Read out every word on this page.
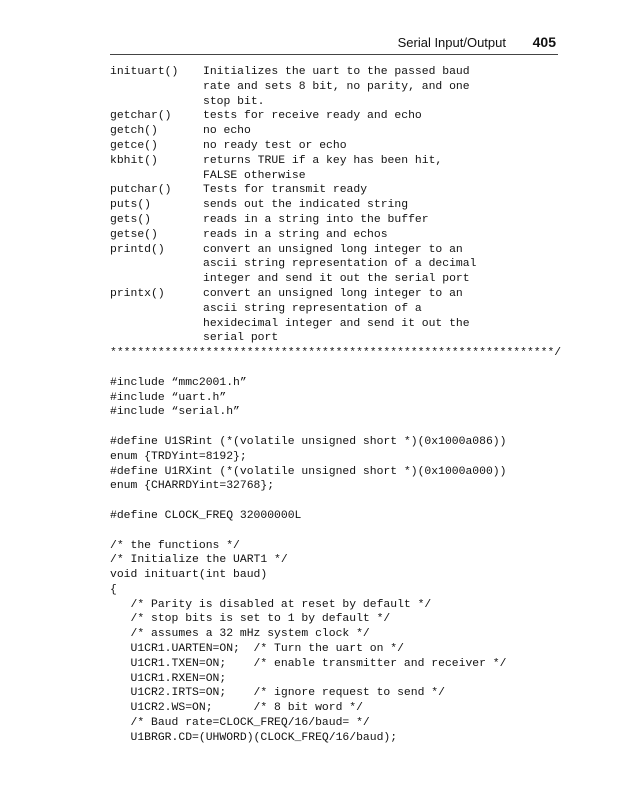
Serial Input/Output 405
inituart()	Initializes the uart to the passed baud
rate and sets 8 bit, no parity, and one
stop bit.
getchar()	tests for receive ready and echo
getch()	no echo
getce()	no ready test or echo
kbhit()	returns TRUE if a key has been hit,
FALSE otherwise
putchar()	Tests for transmit ready
puts()	sends out the indicated string
gets()	reads in a string into the buffer
getse()	reads in a string and echos
printd()	convert an unsigned long integer to an
ascii string representation of a decimal
integer and send it out the serial port
printx()	convert an unsigned long integer to an
ascii string representation of a
hexidecimal integer and send it out the
serial port
*****************************************************************/
#include “mmc2001.h”
#include “uart.h”
#include “serial.h”
#define U1SRint (*(volatile unsigned short *)(0x1000a086))
enum {TRDYint=8192};
#define U1RXint (*(volatile unsigned short *)(0x1000a000))
enum {CHARRDYint=32768};
#define CLOCK_FREQ 32000000L
/* the functions */
/* Initialize the UART1 */
void inituart(int baud)
{
/* Parity is disabled at reset by default */
/* stop bits is set to 1 by default */
/* assumes a 32 mHz system clock */
U1CR1.UARTEN=ON;  /* Turn the uart on */
U1CR1.TXEN=ON;    /* enable transmitter and receiver */
U1CR1.RXEN=ON;
U1CR2.IRTS=ON;    /* ignore request to send */
U1CR2.WS=ON;      /* 8 bit word */
/* Baud rate=CLOCK_FREQ/16/baud= */
U1BRGR.CD=(UHWORD)(CLOCK_FREQ/16/baud);
